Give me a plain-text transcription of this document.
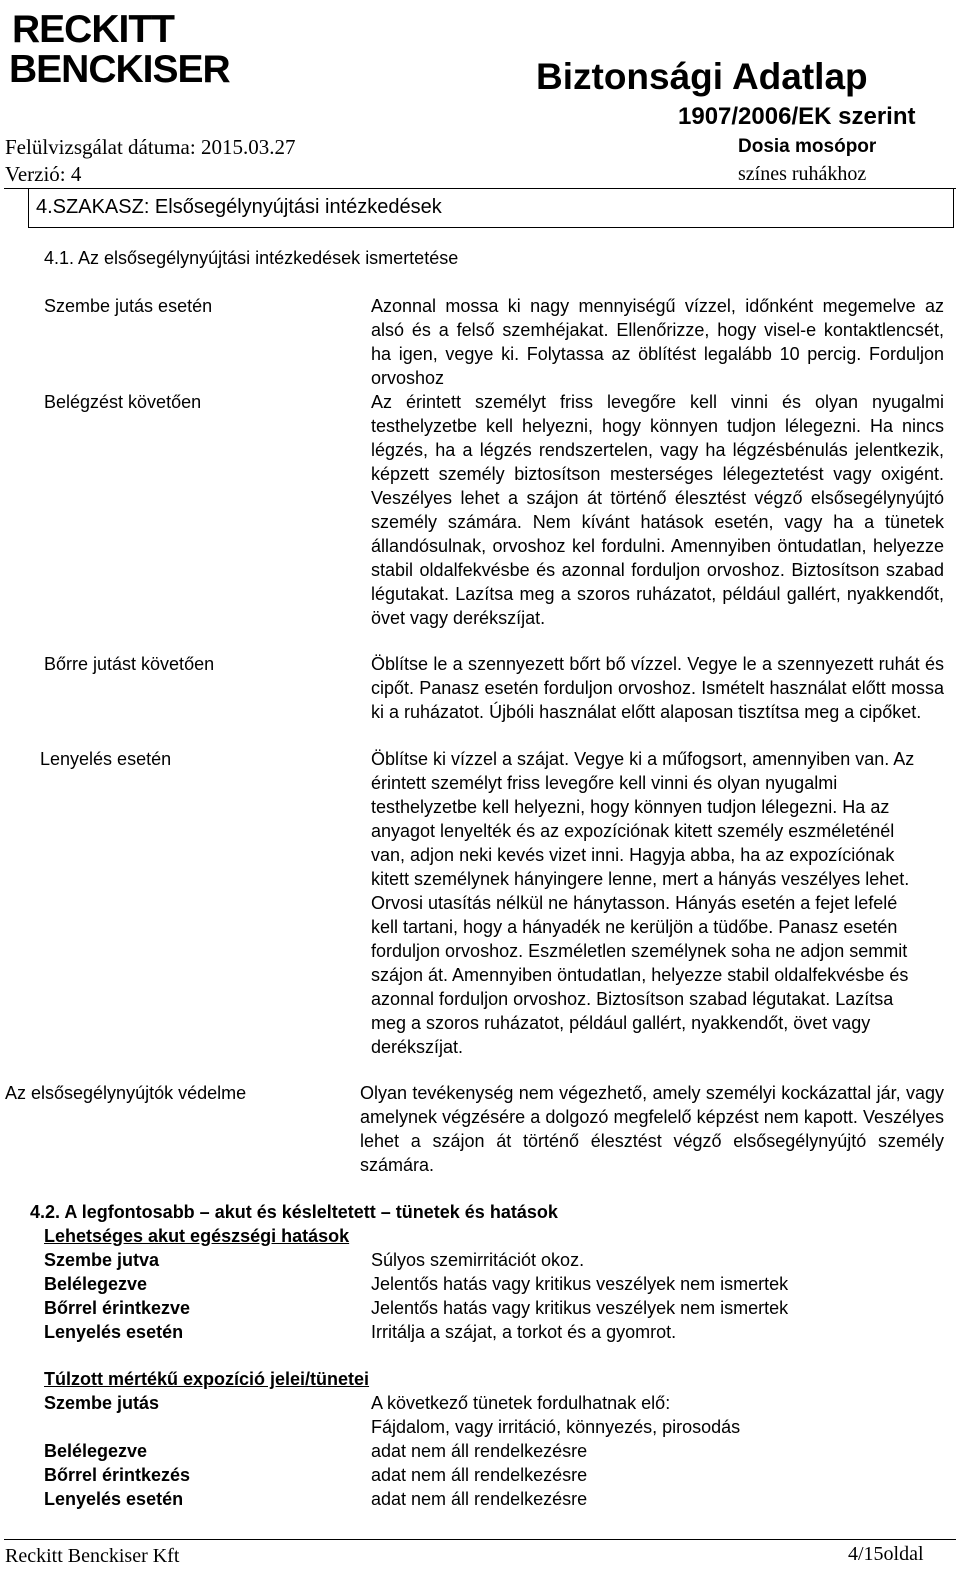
RECKITT
BENCKISER	Biztonsági Adatlap
1907/2006/EK szerint
Dosia mosópor
színes ruhákhoz
Felülvizsgálat dátuma: 2015.03.27
Verzió: 4
4.SZAKASZ: Elsősegélynyújtási intézkedések
4.1. Az elsősegélynyújtási intézkedések ismertetése
Szembe jutás esetén	Azonnal mossa ki nagy mennyiségű vízzel, időnként megemelve az alsó és a felső szemhéjakat. Ellenőrizze, hogy visel-e kontaktlencsét, ha igen, vegye ki. Folytassa az öblítést legalább 10 percig. Forduljon orvoshoz
Belégzést követően	Az érintett személyt friss levegőre kell vinni és olyan nyugalmi testhelyzetbe kell helyezni, hogy könnyen tudjon lélegezni. Ha nincs légzés, ha a légzés rendszertelen, vagy ha légzésbénulás jelentkezik, képzett személy biztosítson mesterséges lélegeztetést vagy oxigént. Veszélyes lehet a szájon át történő élesztést végző elsősegélynyújtó személy számára. Nem kívánt hatások esetén, vagy ha a tünetek állandósulnak, orvoshoz kel fordulni. Amennyiben öntudatlan, helyezze stabil oldalfekvésbe és azonnal forduljon orvoshoz. Biztosítson szabad légutakat. Lazítsa meg a szoros ruházatot, például gallért, nyakkendőt, övet vagy derékszíjat.
Bőrre jutást követően	Öblítse le a szennyezett bőrt bő vízzel. Vegye le a szennyezett ruhát és cipőt. Panasz esetén forduljon orvoshoz. Ismételt használat előtt mossa ki a ruházatot. Újbóli használat előtt alaposan tisztítsa meg a cipőket.
Lenyelés esetén	Öblítse ki vízzel a szájat. Vegye ki a műfogsort, amennyiben van. Az érintett személyt friss levegőre kell vinni és olyan nyugalmi testhelyzetbe kell helyezni, hogy könnyen tudjon lélegezni. Ha az anyagot lenyelték és az expozíciónak kitett személy eszméleténél van, adjon neki kevés vizet inni. Hagyja abba, ha az expozíciónak kitett személynek hányingere lenne, mert a hányás veszélyes lehet. Orvosi utasítás nélkül ne hánytasson. Hányás esetén a fejet lefelé kell tartani, hogy a hányadék ne kerüljön a tüdőbe. Panasz esetén forduljon orvoshoz. Eszméletlen személynek soha ne adjon semmit szájon át. Amennyiben öntudatlan, helyezze stabil oldalfekvésbe és azonnal forduljon orvoshoz. Biztosítson szabad légutakat. Lazítsa meg a szoros ruházatot, például gallért, nyakkendőt, övet vagy derékszíjat.
Az elsősegélynyújtók védelme	Olyan tevékenység nem végezhető, amely személyi kockázattal jár, vagy amelynek végzésére a dolgozó megfelelő képzést nem kapott. Veszélyes lehet a szájon át történő élesztést végző elsősegélynyújtó személy számára.
4.2. A legfontosabb – akut és késleltetett – tünetek és hatások
Lehetséges akut egészségi hatások
Szembe jutva	Súlyos szemirritációt okoz.
Belélegezve	Jelentős hatás vagy kritikus veszélyek nem ismertek
Bőrrel érintkezve	Jelentős hatás vagy kritikus veszélyek nem ismertek
Lenyelés esetén	Irritálja a szájat, a torkot és a gyomrot.
Túlzott mértékű expozíció jelei/tünetei
Szembe jutás	A következő tünetek fordulhatnak elő:
Fájdalom, vagy irritáció, könnyezés, pirosodás
Belélegezve	adat nem áll rendelkezésre
Bőrrel érintkezés	adat nem áll rendelkezésre
Lenyelés esetén	adat nem áll rendelkezésre
Reckitt Benckiser Kft	4/15oldal
